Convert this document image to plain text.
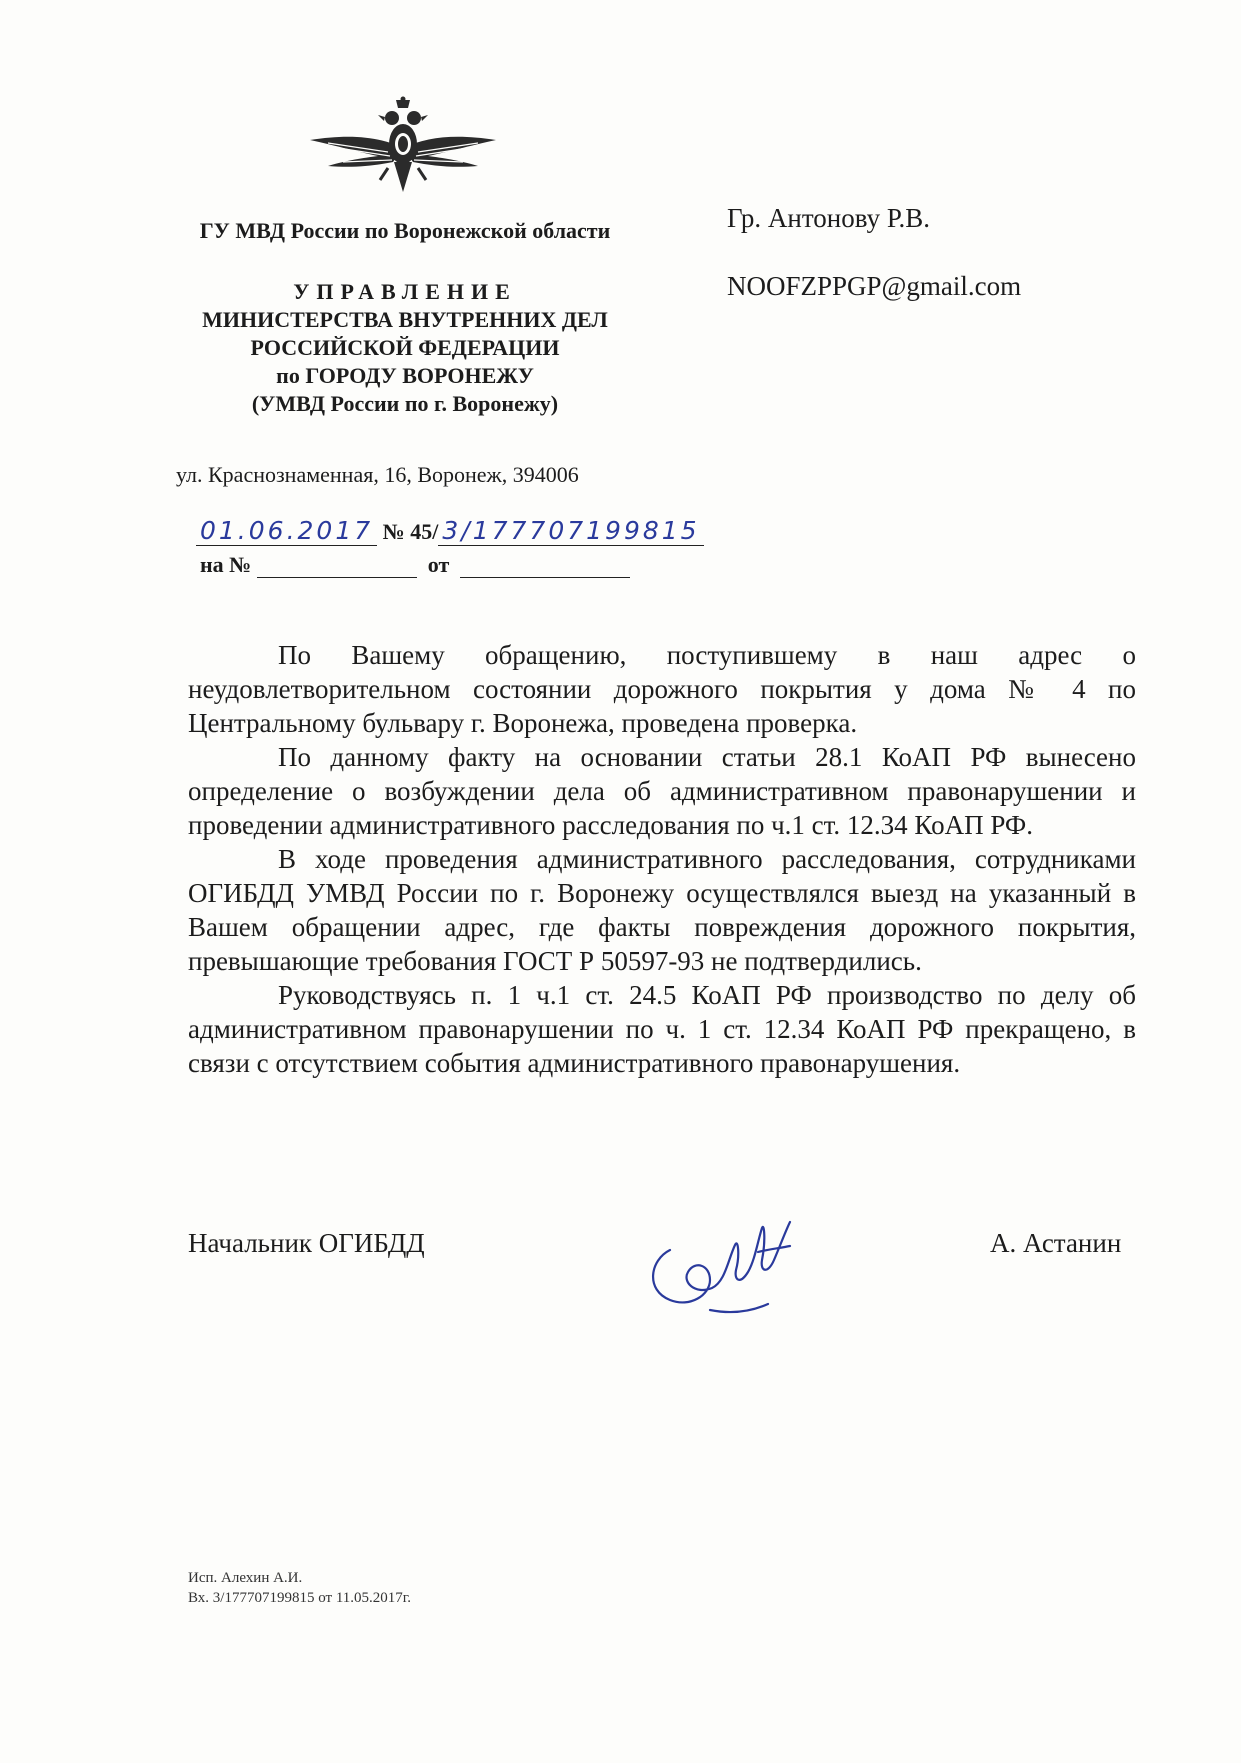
ГУ МВД России по Воронежской области
УПРАВЛЕНИЕ
МИНИСТЕРСТВА ВНУТРЕННИХ ДЕЛ
РОССИЙСКОЙ ФЕДЕРАЦИИ
по ГОРОДУ ВОРОНЕЖУ
(УМВД России по г. Воронежу)
ул. Краснознаменная, 16, Воронеж, 394006
01.06.2017 № 45/ 3/177707199815
на №	от
Гр. Антонову Р.В.
NOOFZPPGP@gmail.com

По Вашему обращению, поступившему в наш адрес о неудовлетворительном состоянии дорожного покрытия у дома № 4 по Центральному бульвару г. Воронежа, проведена проверка.

По данному факту на основании статьи 28.1 КоАП РФ вынесено определение о возбуждении дела об административном правонарушении и проведении административного расследования по ч.1 ст. 12.34 КоАП РФ.

В ходе проведения административного расследования, сотрудниками ОГИБДД УМВД России по г. Воронежу осуществлялся выезд на указанный в Вашем обращении адрес, где факты повреждения дорожного покрытия, превышающие требования ГОСТ Р 50597-93 не подтвердились.

Руководствуясь п. 1 ч.1 ст. 24.5 КоАП РФ производство по делу об административном правонарушении по ч. 1 ст. 12.34 КоАП РФ прекращено, в связи с отсутствием события административного правонарушения.

Начальник ОГИБДД	А. Астанин
Исп. Алехин А.И.
Вх. 3/177707199815 от 11.05.2017г.
